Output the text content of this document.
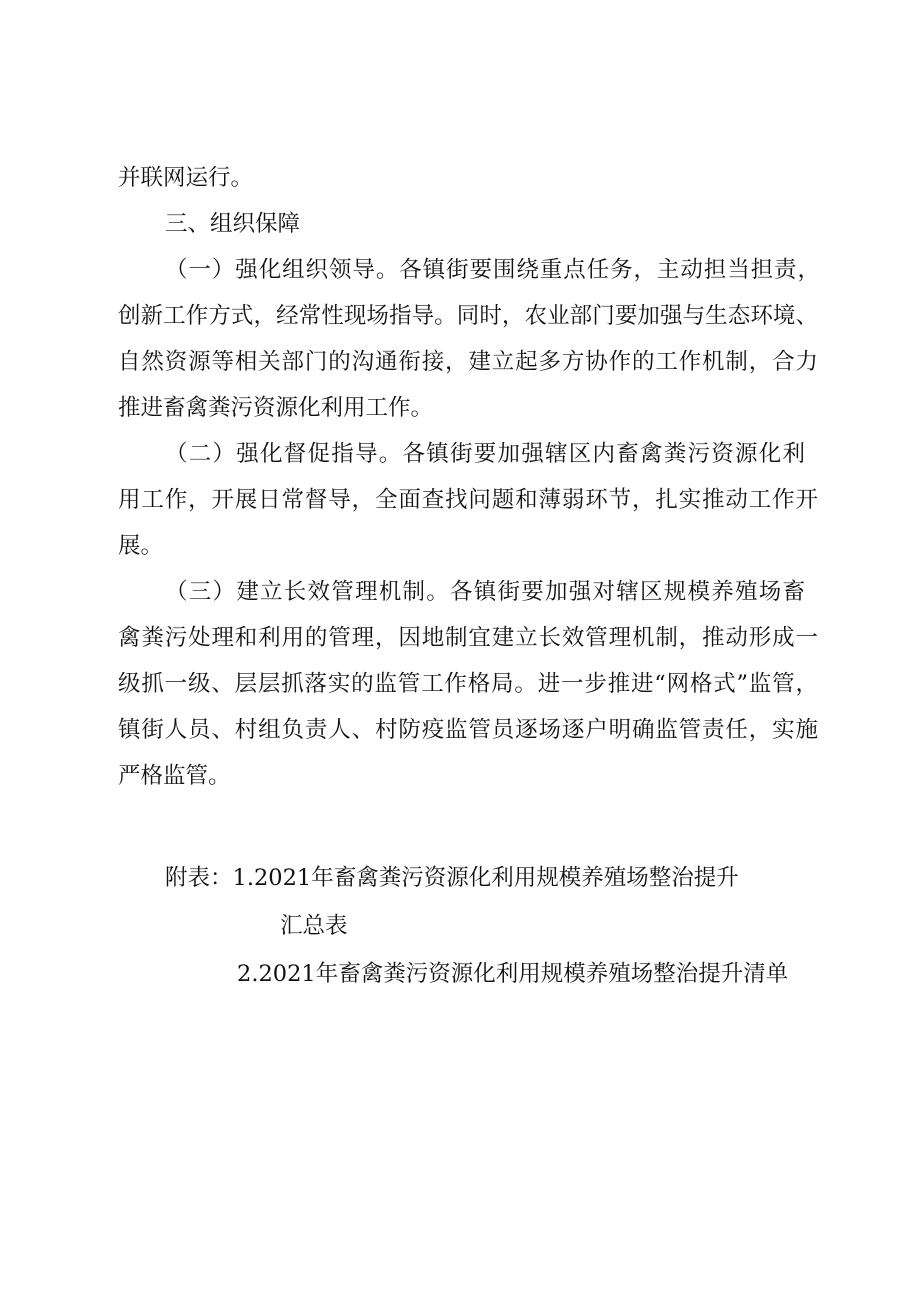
并联网运行。
三、组织保障
（一）强化组织领导。各镇街要围绕重点任务，主动担当担责，
创新工作方式，经常性现场指导。同时，农业部门要加强与生态环境、
自然资源等相关部门的沟通衔接，建立起多方协作的工作机制，合力
推进畜禽粪污资源化利用工作。
（二）强化督促指导。各镇街要加强辖区内畜禽粪污资源化利
用工作，开展日常督导，全面查找问题和薄弱环节，扎实推动工作开
展。
（三）建立长效管理机制。各镇街要加强对辖区规模养殖场畜
禽粪污处理和利用的管理，因地制宜建立长效管理机制，推动形成一
级抓一级、层层抓落实的监管工作格局。进一步推进“网格式”监管，
镇街人员、村组负责人、村防疫监管员逐场逐户明确监管责任，实施
严格监管。
附表：1.2021年畜禽粪污资源化利用规模养殖场整治提升
汇总表
2.2021年畜禽粪污资源化利用规模养殖场整治提升清单
